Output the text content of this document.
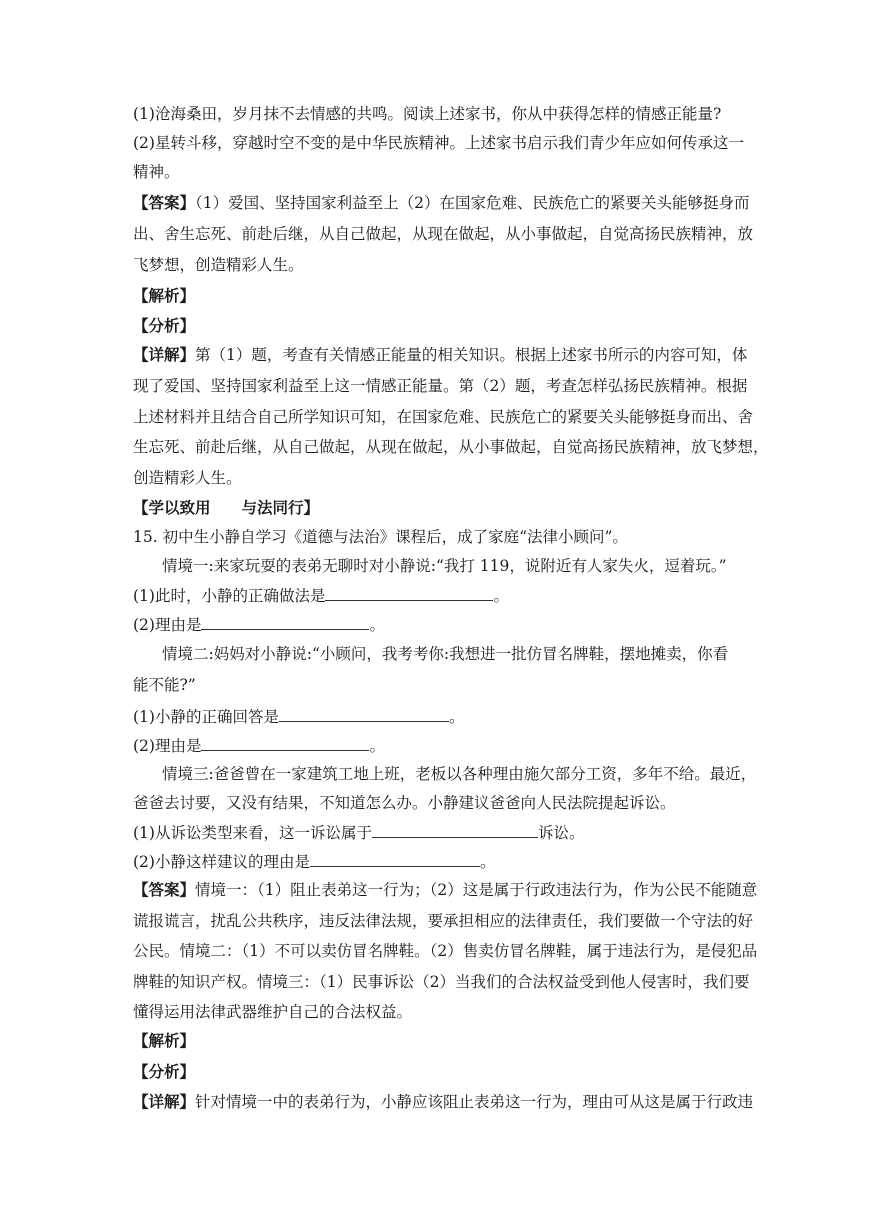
(1)沧海桑田，岁月抹不去情感的共鸣。阅读上述家书，你从中获得怎样的情感正能量?
(2)星转斗移，穿越时空不变的是中华民族精神。上述家书启示我们青少年应如何传承这一
精神。
【答案】（1）爱国、坚持国家利益至上（2）在国家危难、民族危亡的紧要关头能够挺身而
出、舍生忘死、前赴后继，从自己做起，从现在做起，从小事做起，自觉高扬民族精神，放
飞梦想，创造精彩人生。
【解析】
【分析】
【详解】第（1）题，考查有关情感正能量的相关知识。根据上述家书所示的内容可知，体
现了爱国、坚持国家利益至上这一情感正能量。第（2）题，考查怎样弘扬民族精神。根据
上述材料并且结合自己所学知识可知，在国家危难、民族危亡的紧要关头能够挺身而出、舍
生忘死、前赴后继，从自己做起，从现在做起，从小事做起，自觉高扬民族精神，放飞梦想，
创造精彩人生。
【学以致用　　与法同行】
15. 初中生小静自学习《道德与法治》课程后，成了家庭“法律小顾问”。
情境一:来家玩耍的表弟无聊时对小静说:“我打 119，说附近有人家失火，逗着玩。”
(1)此时，小静的正确做法是	。
(2)理由是	。
情境二:妈妈对小静说:“小顾问，我考考你:我想进一批仿冒名牌鞋，摆地摊卖，你看
能不能?”
(1)小静的正确回答是	。
(2)理由是	。
情境三:爸爸曾在一家建筑工地上班，老板以各种理由施欠部分工资，多年不给。最近，
爸爸去讨要，又没有结果，不知道怎么办。小静建议爸爸向人民法院提起诉讼。
(1)从诉讼类型来看，这一诉讼属于	诉讼。
(2)小静这样建议的理由是	。
【答案】情境一：（1）阻止表弟这一行为；（2）这是属于行政违法行为，作为公民不能随意
谎报谎言，扰乱公共秩序，违反法律法规，要承担相应的法律责任，我们要做一个守法的好
公民。情境二：（1）不可以卖仿冒名牌鞋。（2）售卖仿冒名牌鞋，属于违法行为，是侵犯品
牌鞋的知识产权。情境三：（1）民事诉讼（2）当我们的合法权益受到他人侵害时，我们要
懂得运用法律武器维护自己的合法权益。
【解析】
【分析】
【详解】针对情境一中的表弟行为，小静应该阻止表弟这一行为，理由可从这是属于行政违
